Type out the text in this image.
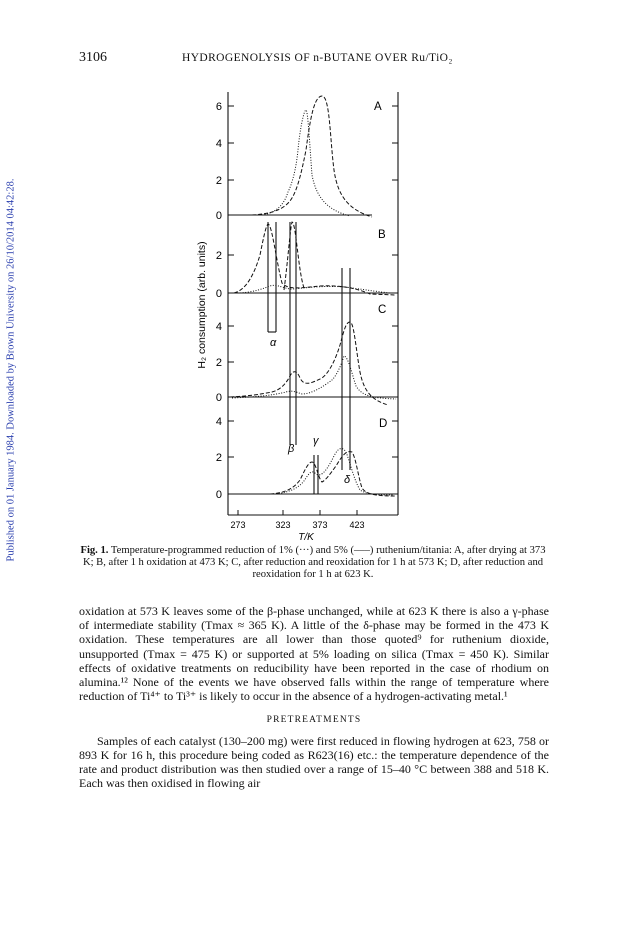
Published on 01 January 1984. Downloaded by Brown University on 26/10/2014 04:42:28.
3106	HYDROGENOLYSIS OF n-BUTANE OVER Ru/TiO₂
6
4
2
0
2
0
4
2
0
4
2
0
A
B
C
D
H₂ consumption (arb. units)
273	323 373 423
T/K
α
β
γ
δ
Fig. 1. Temperature-programmed reduction of 1% (···) and 5% (–––) ruthenium/titania: A, after drying at 373 K; B, after 1 h oxidation at 473 K; C, after reduction and reoxidation for 1 h at 573 K; D, after reduction and reoxidation for 1 h at 623 K.

oxidation at 573 K leaves some of the β-phase unchanged, while at 623 K there is also a γ-phase of intermediate stability (Tmax ≈ 365 K). A little of the δ-phase may be formed in the 473 K oxidation. These temperatures are all lower than those quoted⁹ for ruthenium dioxide, unsupported (Tmax = 475 K) or supported at 5% loading on silica (Tmax = 450 K). Similar effects of oxidative treatments on reducibility have been reported in the case of rhodium on alumina.¹² None of the events we have observed falls within the range of temperature where reduction of Ti⁴⁺ to Ti³⁺ is likely to occur in the absence of a hydrogen-activating metal.¹

PRETREATMENTS

Samples of each catalyst (130–200 mg) were first reduced in flowing hydrogen at 623, 758 or 893 K for 16 h, this procedure being coded as R623(16) etc.: the temperature dependence of the rate and product distribution was then studied over a range of 15–40 °C between 388 and 518 K. Each was then oxidised in flowing air
